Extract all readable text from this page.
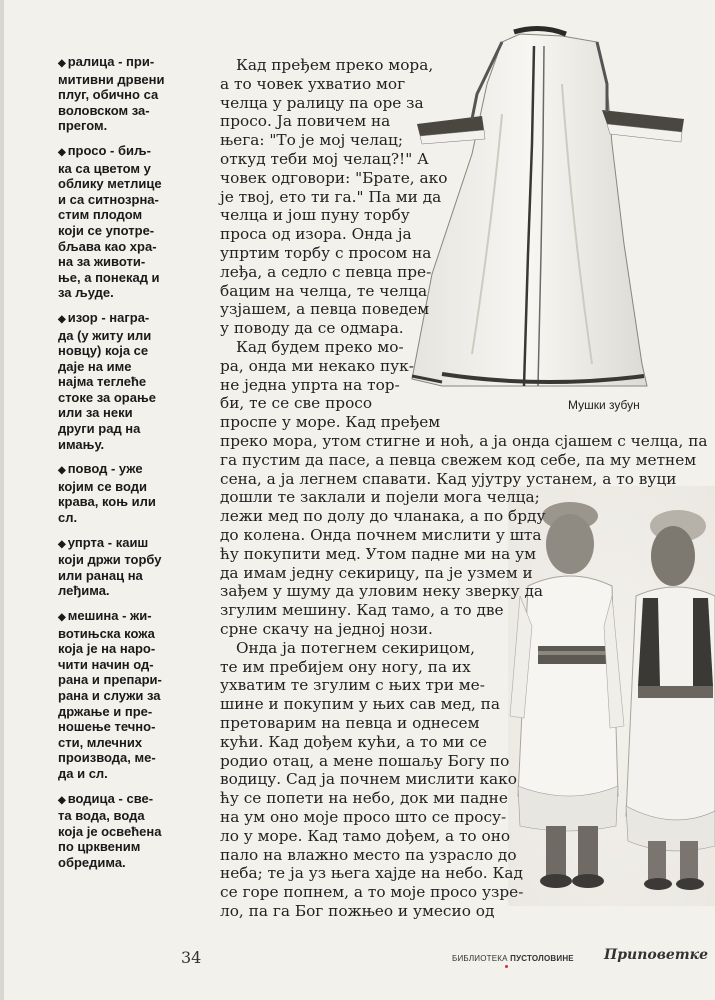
◆ ралица - при-
митивни дрвени
плуг, обично са
воловском за-
прегом.
◆ просо - биљ-
ка са цветом у
облику метлице
и са ситнозрна-
стим плодом
који се употре-
бљава као хра-
на за животи-
ње, а понекад и
за људе.
◆ изор - награ-
да (у житу или
новцу) која се
даје на име
најма теглеће
стоке за орање
или за неки
други рад на
имању.
◆ повод - уже
којим се води
крава, коњ или
сл.
◆ упрта - каиш
који држи торбу
или ранац на
леђима.
◆ мешина - жи-
вотињска кожа
која је на наро-
чити начин од-
рана и препари-
рана и служи за
држање и пре-
ношење течно-
сти, млечних
производа, ме-
да и сл.
◆ водица - све-
та вода, вода
која је освећена
по црквеним
обредима.
Мушки зубун
Кад пређем преко мора,
а то човек ухватио мог
челца у ралицу па оре за
просо. Ја повичем на
њега: "То је мој челац;
откуд теби мој челац?!" А
човек одговори: "Брате, ако
је твој, ето ти га." Па ми да
челца и још пуну торбу
проса од изора. Онда ја
упртим торбу с просом на
леђа, а седло с певца пре-
бацим на челца, те челца
узјашем, а певца поведем
у поводу да се одмара.
Кад будем преко мо-
ра, онда ми некако пук-
не једна упрта на тор-
би, те се све просо
проспе у море. Кад пређем
преко мора, утом стигне и ноћ, а ја онда сјашем с челца, па
га пустим да пасе, а певца свежем код себе, па му метнем
сена, а ја легнем спавати. Кад ујутру устанем, а то вуци
дошли те заклали и појели мога челца;
лежи мед по долу до чланака, а по брду
до колена. Онда почнем мислити у шта
ћу покупити мед. Утом падне ми на ум
да имам једну секирицу, па је узмем и
зађем у шуму да уловим неку зверку да
згулим мешину. Кад тамо, а то две
срне скачу на једној нози.
Онда ја потегнем секирицом,
те им пребијем ону ногу, па их
ухватим те згулим с њих три ме-
шине и покупим у њих сав мед, па
претоварим на певца и однесем
кући. Кад дођем кући, а то ми се
родио отац, а мене пошаљу Богу по
водицу. Сад ја почнем мислити како
ћу се попети на небо, док ми падне
на ум оно моје просо што се просу-
ло у море. Кад тамо дођем, а то оно
пало на влажно место па узрасло до
неба; те ја уз њега хајде на небо. Кад
се горе попнем, а то моје просо узре-
ло, па га Бог пожњео и умесио од
34	БИБЛИОТЕКА ПУСТОЛОВИНЕ Приповетке
